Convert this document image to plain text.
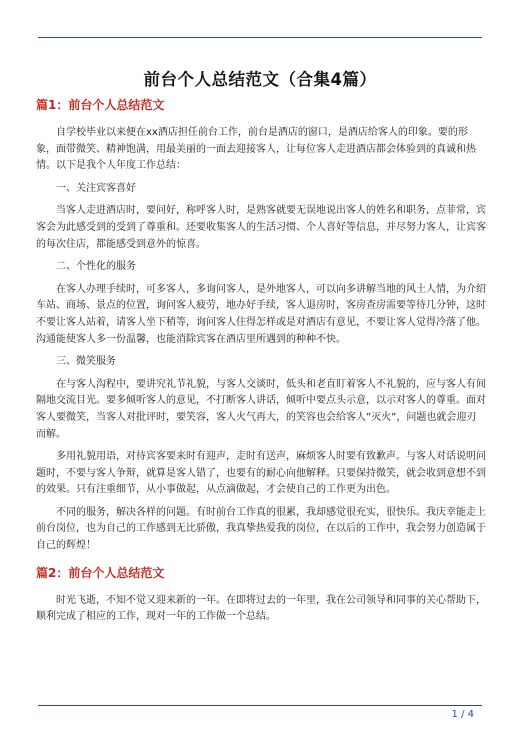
前台个人总结范文（合集4篇）
篇1：前台个人总结范文

自学校毕业以来便在xx酒店担任前台工作，前台是酒店的窗口，是酒店给客人的印象。要的形象，面带微笑、精神饱满，用最美丽的一面去迎接客人，让每位客人走进酒店都会体验到的真诚和热情。以下是我个人年度工作总结：

一、关注宾客喜好

当客人走进酒店时，要问好，称呼客人时，是熟客就要无误地说出客人的姓名和职务，点菲常，宾客会为此感受到的受到了尊重和。还要收集客人的生活习惯、个人喜好等信息，并尽努力客人，让宾客的每次住店，都能感受到意外的惊喜。

二、个性化的服务

在客人办理手续时，可多客人，多询问客人，是外地客人，可以向多讲解当地的风土人情，为介绍车站、商场、景点的位置，询问客人疲劳，地办好手续，客人退房时，客房查房需要等待几分钟，这时不要让客人站着，请客人坐下稍等，询问客人住得怎样或是对酒店有意见，不要让客人觉得冷落了他。沟通能使客人多一份温馨，也能消除宾客在酒店里所遇到的种种不快。

三、微笑服务

在与客人沟程中，要讲究礼节礼貌，与客人交谈时，低头和老直盯着客人不礼貌的，应与客人有间隔地交流目光。要多倾听客人的意见，不打断客人讲话，倾听中要点头示意，以示对客人的尊重。面对客人要微笑，当客人对批评时，要笑容，客人火气再大，的笑容也会给客人”灭火”，问题也就会迎刃而解。

多用礼貌用语，对待宾客要来时有迎声，走时有送声，麻烦客人时要有致歉声。与客人对话说明问题时，不要与客人争辩，就算是客人错了，也要有的耐心向他解释。只要保持微笑，就会收到意想不到的效果。只有注重细节，从小事做起，从点滴做起，才会使自己的工作更为出色。

不同的服务，解决各样的问题。有时前台工作真的很累，我却感觉很充实，很快乐。我庆幸能走上前台岗位，也为自己的工作感到无比骄傲，我真挚热爱我的岗位，在以后的工作中，我会努力创造属于自己的辉煌！

篇2：前台个人总结范文

时光飞逝，不知不觉又迎来新的一年。在即将过去的一年里，我在公司领导和同事的关心帮助下，顺利完成了相应的工作，现对一年的工作做一个总结。

1 / 4
